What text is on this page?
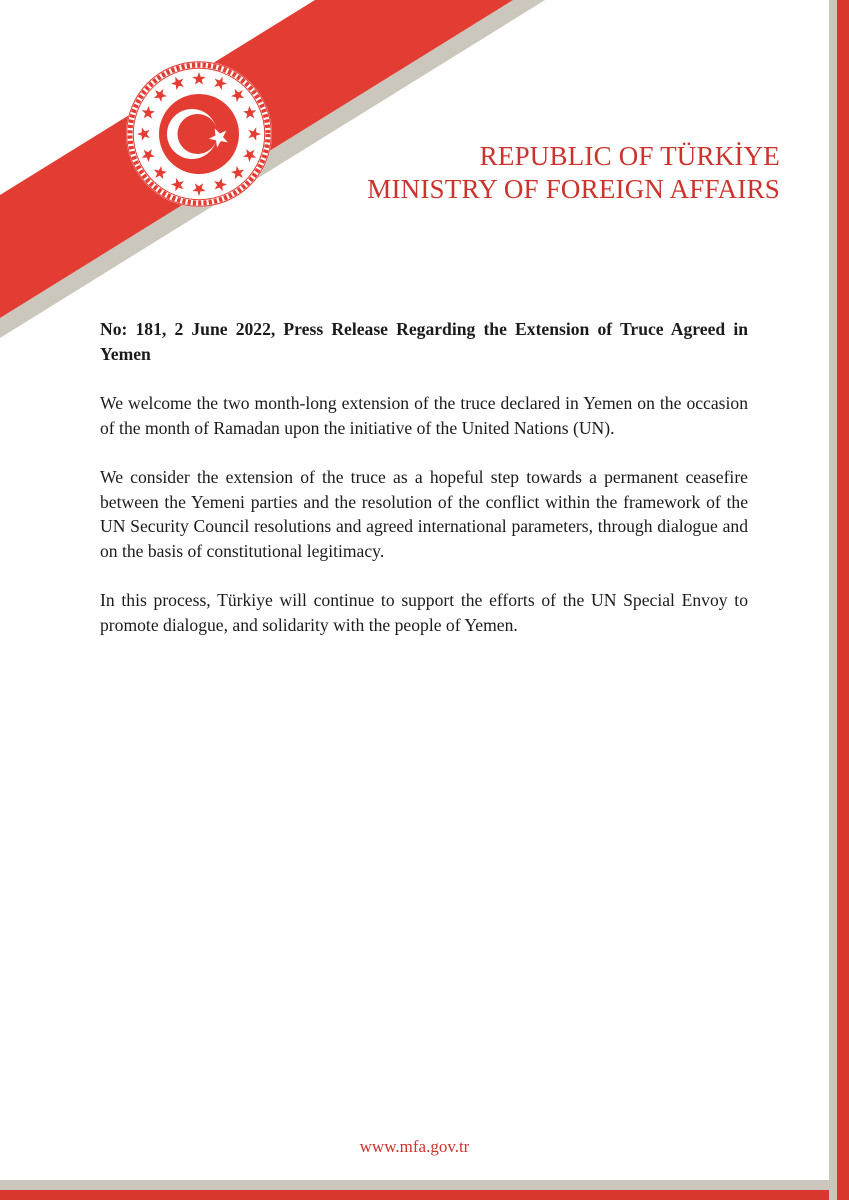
REPUBLIC OF TÜRKİYE
MINISTRY OF FOREIGN AFFAIRS

No: 181, 2 June 2022, Press Release Regarding the Extension of Truce Agreed in Yemen

We welcome the two month-long extension of the truce declared in Yemen on the occasion of the month of Ramadan upon the initiative of the United Nations (UN).

We consider the extension of the truce as a hopeful step towards a permanent ceasefire between the Yemeni parties and the resolution of the conflict within the framework of the UN Security Council resolutions and agreed international parameters, through dialogue and on the basis of constitutional legitimacy.

In this process, Türkiye will continue to support the efforts of the UN Special Envoy to promote dialogue, and solidarity with the people of Yemen.

www.mfa.gov.tr
